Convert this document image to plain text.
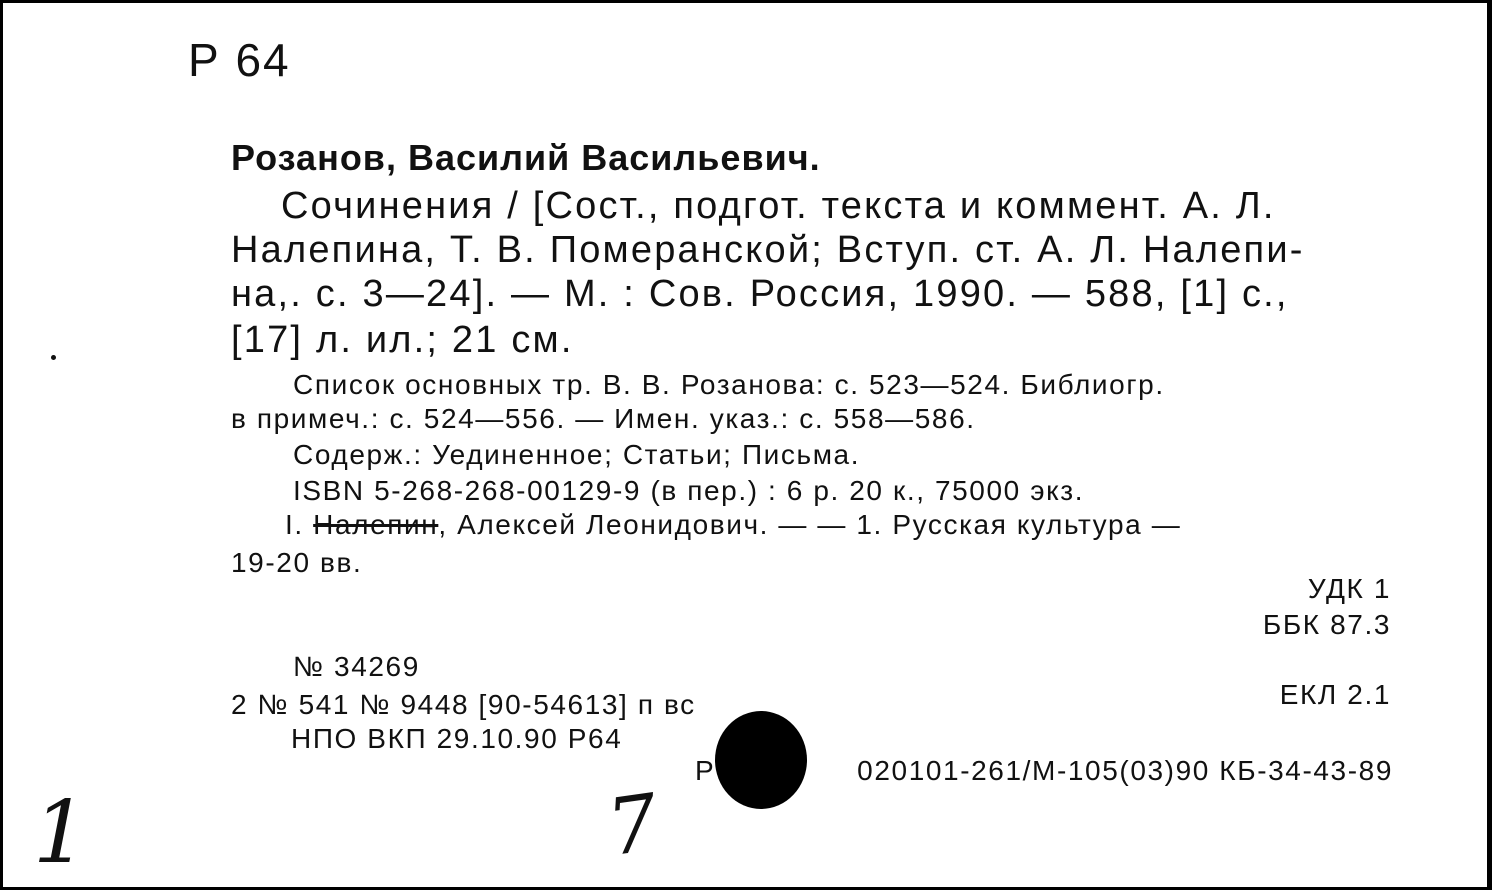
Р 64
Розанов, Василий Васильевич.
Сочинения / [Сост., подгот. текста и коммент. А. Л.
Налепина, Т. В. Померанской; Вступ. ст. А. Л. Налепи-
на,. с. 3—24]. — М. : Сов. Россия, 1990. — 588, [1] с.,
[17] л. ил.; 21 см.
Список основных тр. В. В. Розанова: с. 523—524. Библиогр.
в примеч.: с. 524—556. — Имен. указ.: с. 558—586.
Содерж.: Уединенное; Статьи; Письма.
ISBN 5-268-268-00129-9 (в пер.) : 6 р. 20 к., 75000 экз.
I. Налепин, Алексей Леонидович. — — 1. Русская культура —
19-20 вв.
УДК 1
ББК 87.3
№ 34269
2 № 541 № 9448 [90-54613] п вс	ЕКЛ 2.1
НПО ВКП 29.10.90 Р64
Р	020101-261/М-105(03)90 КБ-34-43-89
1	7
